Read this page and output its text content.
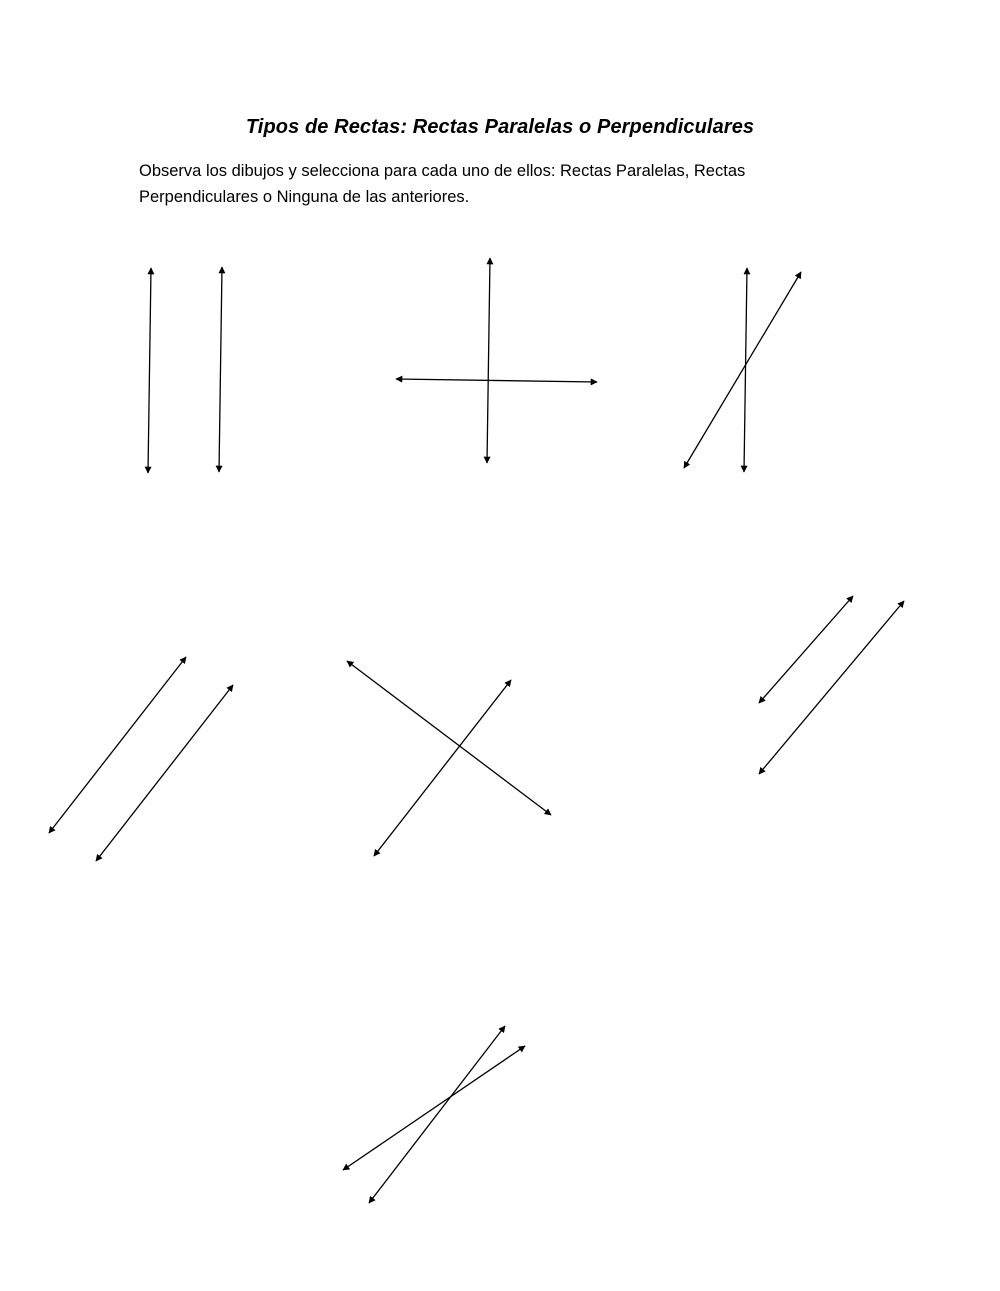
Tipos de Rectas: Rectas Paralelas o Perpendiculares
Observa los dibujos y selecciona para cada uno de ellos: Rectas Paralelas, Rectas
Perpendiculares o Ninguna de las anteriores.
